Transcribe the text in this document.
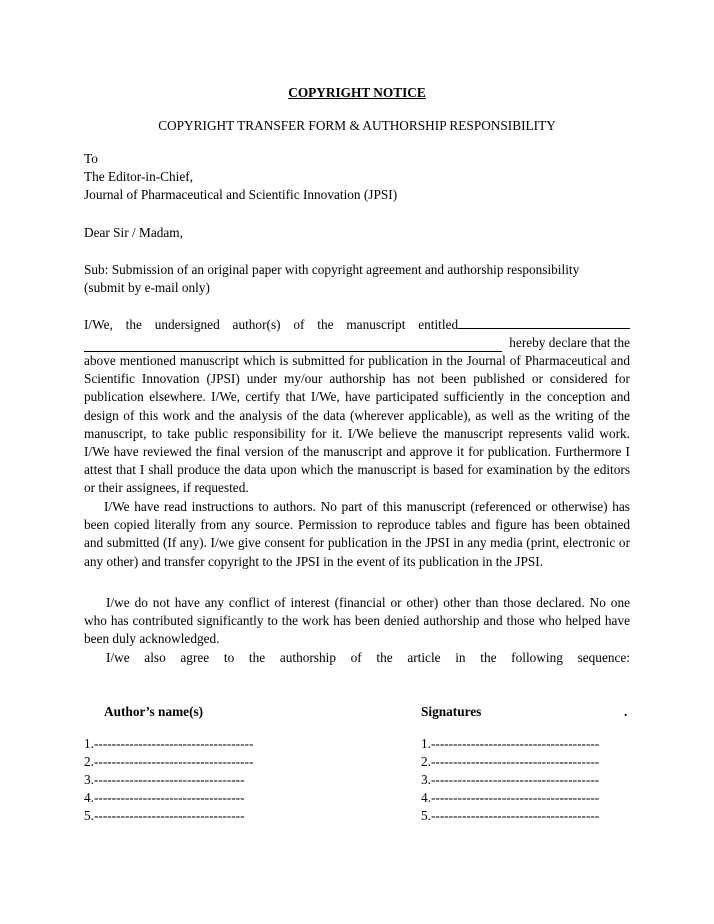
COPYRIGHT NOTICE
COPYRIGHT TRANSFER FORM & AUTHORSHIP RESPONSIBILITY
To
The Editor-in-Chief,
Journal of Pharmaceutical and Scientific Innovation (JPSI)
Dear Sir / Madam,
Sub: Submission of an original paper with copyright agreement and authorship responsibility
(submit by e-mail only)
I/We, the undersigned author(s) of the manuscript entitled
hereby declare that the
above mentioned manuscript which is submitted for publication in the Journal of Pharmaceutical and Scientific Innovation (JPSI) under my/our authorship has not been published or considered for publication elsewhere. I/We, certify that I/We, have participated sufficiently in the conception and design of this work and the analysis of the data (wherever applicable), as well as the writing of the manuscript, to take public responsibility for it. I/We believe the manuscript represents valid work. I/We have reviewed the final version of the manuscript and approve it for publication. Furthermore I attest that I shall produce the data upon which the manuscript is based for examination by the editors or their assignees, if requested.
I/We have read instructions to authors. No part of this manuscript (referenced or otherwise) has been copied literally from any source. Permission to reproduce tables and figure has been obtained and submitted (If any). I/we give consent for publication in the JPSI in any media (print, electronic or any other) and transfer copyright to the JPSI in the event of its publication in the JPSI.
I/we do not have any conflict of interest (financial or other) other than those declared. No one who has contributed significantly to the work has been denied authorship and those who helped have been duly acknowledged.
I/we also agree to the authorship of the article in the following sequence:
Author’s name(s)	Signatures	.
1.------------------------------------
2.------------------------------------
3.----------------------------------
4.----------------------------------
5.----------------------------------
1.--------------------------------------
2.--------------------------------------
3.--------------------------------------
4.--------------------------------------
5.--------------------------------------
